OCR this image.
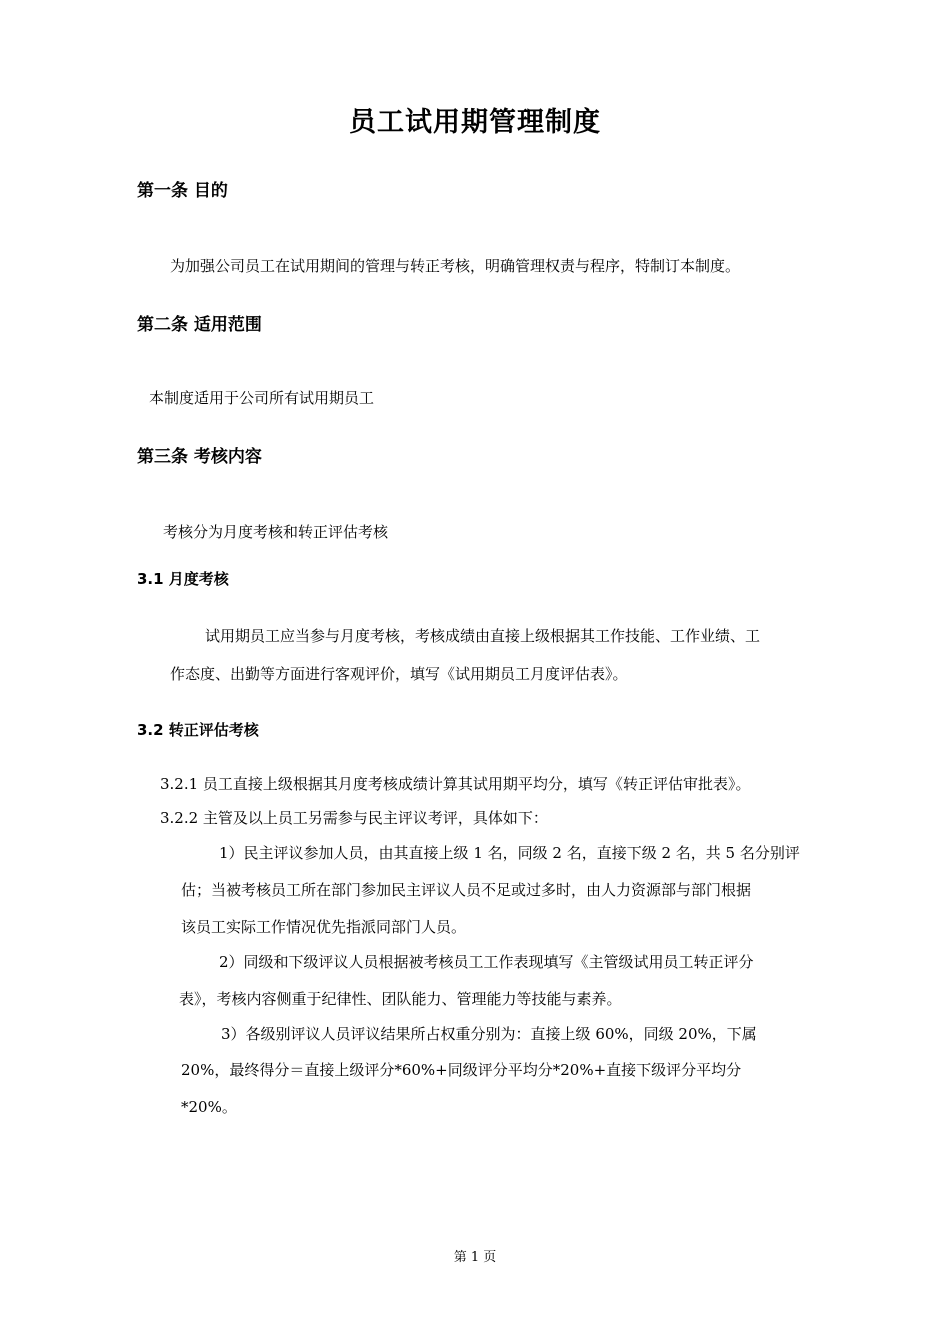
员工试用期管理制度
第一条 目的
为加强公司员工在试用期间的管理与转正考核，明确管理权责与程序，特制订本制度。
第二条 适用范围
本制度适用于公司所有试用期员工
第三条 考核内容
考核分为月度考核和转正评估考核
3.1 月度考核
试用期员工应当参与月度考核，考核成绩由直接上级根据其工作技能、工作业绩、工
作态度、出勤等方面进行客观评价，填写《试用期员工月度评估表》。
3.2 转正评估考核
3.2.1 员工直接上级根据其月度考核成绩计算其试用期平均分，填写《转正评估审批表》。
3.2.2 主管及以上员工另需参与民主评议考评，具体如下：
1）民主评议参加人员，由其直接上级 1 名，同级 2 名，直接下级 2 名，共 5 名分别评
估；当被考核员工所在部门参加民主评议人员不足或过多时，由人力资源部与部门根据
该员工实际工作情况优先指派同部门人员。
2）同级和下级评议人员根据被考核员工工作表现填写《主管级试用员工转正评分
表》，考核内容侧重于纪律性、团队能力、管理能力等技能与素养。
3）各级别评议人员评议结果所占权重分别为：直接上级 60%，同级 20%，下属
20%，最终得分＝直接上级评分*60%+同级评分平均分*20%+直接下级评分平均分
*20%。
第 1 页
